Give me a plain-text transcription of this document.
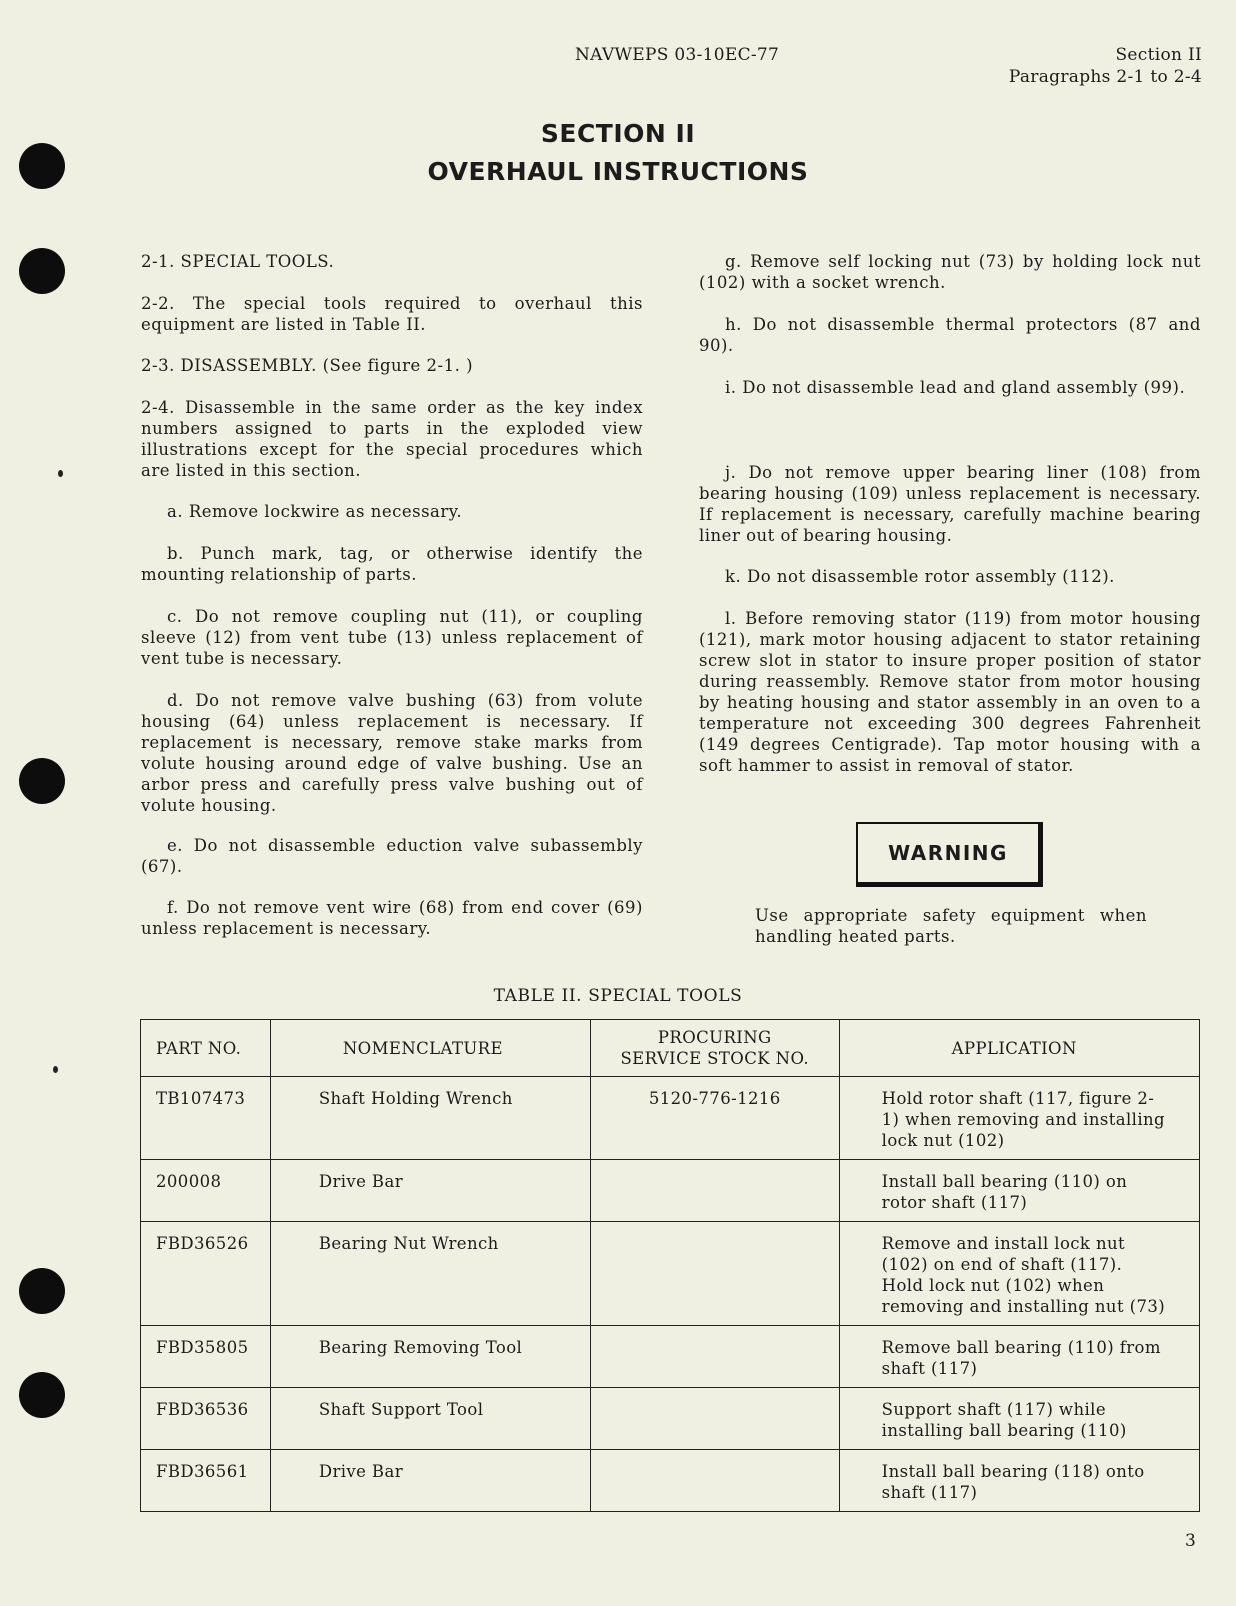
NAVWEPS 03-10EC-77	Section II
Paragraphs 2-1 to 2-4
SECTION II
OVERHAUL INSTRUCTIONS

2-1. SPECIAL TOOLS.

2-2. The special tools required to overhaul this equipment are listed in Table II.

2-3. DISASSEMBLY. (See figure 2-1. )

2-4. Disassemble in the same order as the key index numbers assigned to parts in the exploded view illustrations except for the special procedures which are listed in this section.

a. Remove lockwire as necessary.

b. Punch mark, tag, or otherwise identify the mounting relationship of parts.

c. Do not remove coupling nut (11), or coupling sleeve (12) from vent tube (13) unless replacement of vent tube is necessary.

d. Do not remove valve bushing (63) from volute housing (64) unless replacement is necessary. If replacement is necessary, remove stake marks from volute housing around edge of valve bushing. Use an arbor press and carefully press valve bushing out of volute housing.

e. Do not disassemble eduction valve subassembly (67).

f. Do not remove vent wire (68) from end cover (69) unless replacement is necessary.

g. Remove self locking nut (73) by holding lock nut (102) with a socket wrench.

h. Do not disassemble thermal protectors (87 and 90).

i. Do not disassemble lead and gland assembly (99).

j. Do not remove upper bearing liner (108) from bearing housing (109) unless replacement is necessary. If replacement is necessary, carefully machine bearing liner out of bearing housing.

k. Do not disassemble rotor assembly (112).

l. Before removing stator (119) from motor housing (121), mark motor housing adjacent to stator retaining screw slot in stator to insure proper position of stator during reassembly. Remove stator from motor housing by heating housing and stator assembly in an oven to a temperature not exceeding 300 degrees Fahrenheit (149 degrees Centigrade). Tap motor housing with a soft hammer to assist in removal of stator.

WARNING

Use appropriate safety equipment when handling heated parts.

TABLE II. SPECIAL TOOLS
PART NO.	NOMENCLATURE	PROCURING SERVICE STOCK NO.	APPLICATION
TB107473	Shaft Holding Wrench	5120-776-1216	Hold rotor shaft (117, figure 2-1) when removing and installing lock nut (102)
200008	Drive Bar		Install ball bearing (110) on rotor shaft (117)
FBD36526	Bearing Nut Wrench		Remove and install lock nut (102) on end of shaft (117). Hold lock nut (102) when removing and installing nut (73)
FBD35805	Bearing Removing Tool		Remove ball bearing (110) from shaft (117)
FBD36536	Shaft Support Tool		Support shaft (117) while installing ball bearing (110)
FBD36561	Drive Bar		Install ball bearing (118) onto shaft (117)
3
